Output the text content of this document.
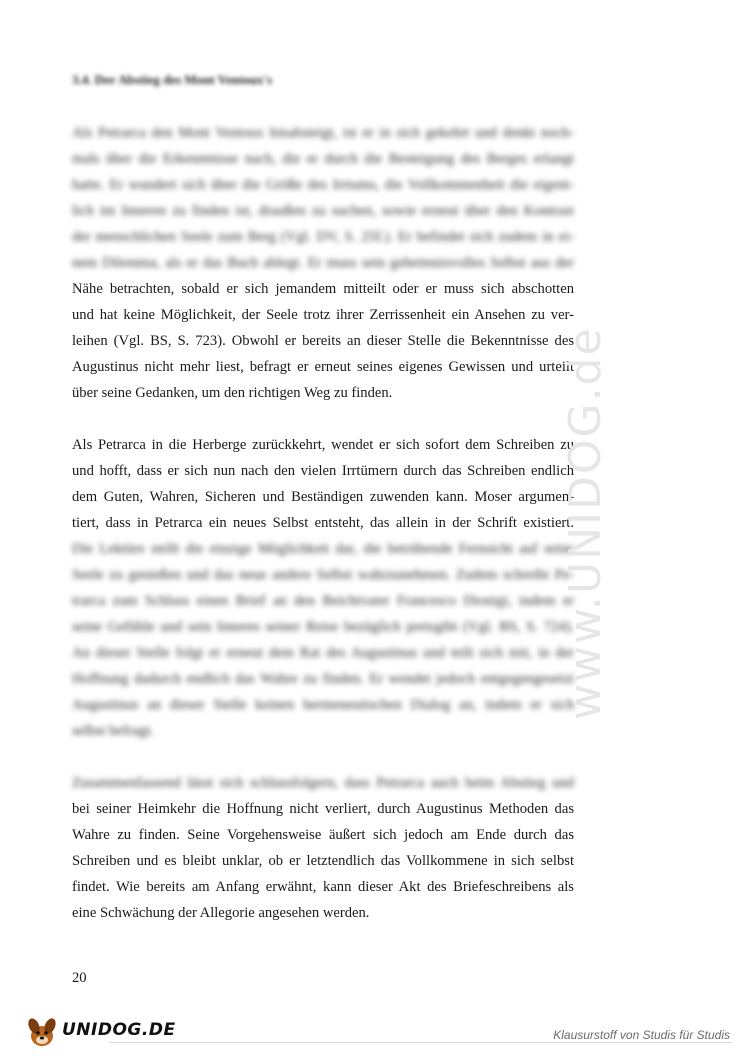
3.4. Der Abstieg des Mont Ventoux's
Als Petrarca den Mont Ventoux hinabsteigt, ist er in sich gekehrt und denkt noch-
mals über die Erkenntnisse nach, die er durch die Besteigung des Berges erlangt
hatte. Er wundert sich über die Größe des Irrtums, die Vollkommenheit die eigent-
lich im Inneren zu finden ist, draußen zu suchen, sowie erneut über den Kontrast
der menschlichen Seele zum Berg (Vgl. DV, S. 25f.). Er befindet sich zudem in ei-
nem Dilemma, als er das Buch ablegt. Er muss sein geheimnisvolles Selbst aus der
Nähe betrachten, sobald er sich jemandem mitteilt oder er muss sich abschotten
und hat keine Möglichkeit, der Seele trotz ihrer Zerrissenheit ein Ansehen zu ver-
leihen (Vgl. BS, S. 723). Obwohl er bereits an dieser Stelle die Bekenntnisse des
Augustinus nicht mehr liest, befragt er erneut seines eigenes Gewissen und urteilt
über seine Gedanken, um den richtigen Weg zu finden.
Als Petrarca in die Herberge zurückkehrt, wendet er sich sofort dem Schreiben zu
und hofft, dass er sich nun nach den vielen Irrtümern durch das Schreiben endlich
dem Guten, Wahren, Sicheren und Beständigen zuwenden kann. Moser argumen-
tiert, dass in Petrarca ein neues Selbst entsteht, das allein in der Schrift existiert.
Die Lektüre stellt die einzige Möglichkeit dar, die betrübende Fernsicht auf seine
Seele zu genießen und das neue andere Selbst wahrzunehmen. Zudem schreibt Pe-
trarca zum Schluss einen Brief an den Beichtvater Francesco Dionigi, indem er
seine Gefühle und sein Inneres seiner Reise bezüglich preisgibt (Vgl. BS, S. 724).
An dieser Stelle folgt er erneut dem Rat des Augustinus und teilt sich mit, in der
Hoffnung dadurch endlich das Wahre zu finden. Er wendet jedoch entgegengesetzt
Augustinus an dieser Stelle keinen hermeneutischen Dialog an, indem er sich
selbst befragt.
Zusammenfassend lässt sich schlussfolgern, dass Petrarca auch beim Abstieg und
bei seiner Heimkehr die Hoffnung nicht verliert, durch Augustinus Methoden das
Wahre zu finden. Seine Vorgehensweise äußert sich jedoch am Ende durch das
Schreiben und es bleibt unklar, ob er letztendlich das Vollkommene in sich selbst
findet. Wie bereits am Anfang erwähnt, kann dieser Akt des Briefeschreibens als
eine Schwächung der Allegorie angesehen werden.
20
www.UNIDOG.de
UNIDOG.DE	Klausurstoff von Studis für Studis
